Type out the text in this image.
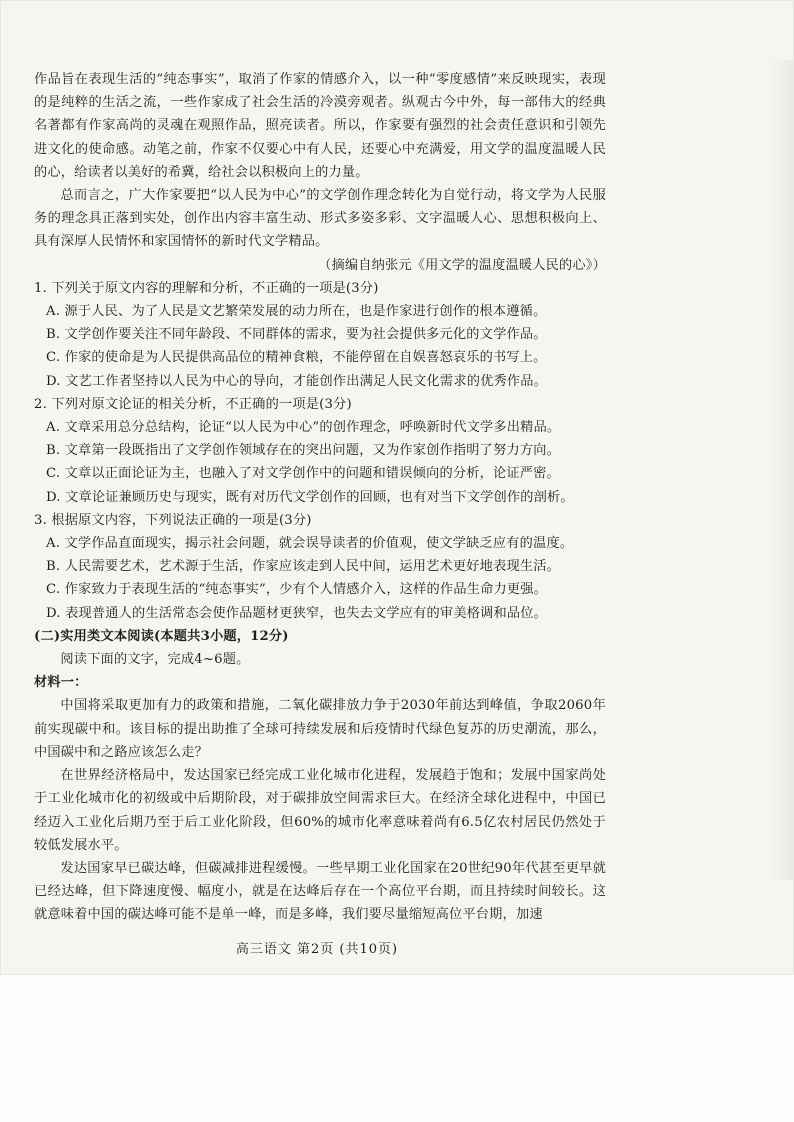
作品旨在表现生活的“纯态事实”，取消了作家的情感介入，以一种“零度感情”来反映现实，表现的是纯粹的生活之流，一些作家成了社会生活的冷漠旁观者。纵观古今中外，每一部伟大的经典名著都有作家高尚的灵魂在观照作品，照亮读者。所以，作家要有强烈的社会责任意识和引领先进文化的使命感。动笔之前，作家不仅要心中有人民，还要心中充满爱，用文学的温度温暖人民的心，给读者以美好的希冀，给社会以积极向上的力量。

总而言之，广大作家要把“以人民为中心”的文学创作理念转化为自觉行动，将文学为人民服务的理念具正落到实处，创作出内容丰富生动、形式多姿多彩、文字温暖人心、思想积极向上、具有深厚人民情怀和家国情怀的新时代文学精品。

（摘编自纳张元《用文学的温度温暖人民的心》）

1. 下列关于原文内容的理解和分析，不正确的一项是(3分)

A. 源于人民、为了人民是文艺繁荣发展的动力所在，也是作家进行创作的根本遵循。

B. 文学创作要关注不同年龄段、不同群体的需求，要为社会提供多元化的文学作品。

C. 作家的使命是为人民提供高品位的精神食粮，不能停留在自娱喜怒哀乐的书写上。

D. 文艺工作者坚持以人民为中心的导向，才能创作出满足人民文化需求的优秀作品。

2. 下列对原文论证的相关分析，不正确的一项是(3分)

A. 文章采用总分总结构，论证“以人民为中心”的创作理念，呼唤新时代文学多出精品。

B. 文章第一段既指出了文学创作领域存在的突出问题，又为作家创作指明了努力方向。

C. 文章以正面论证为主，也融入了对文学创作中的问题和错误倾向的分析，论证严密。

D. 文章论证兼顾历史与现实，既有对历代文学创作的回顾，也有对当下文学创作的剖析。

3. 根据原文内容，下列说法正确的一项是(3分)

A. 文学作品直面现实，揭示社会问题，就会误导读者的价值观，使文学缺乏应有的温度。

B. 人民需要艺术，艺术源于生活，作家应该走到人民中间，运用艺术更好地表现生活。

C. 作家致力于表现生活的“纯态事实”，少有个人情感介入，这样的作品生命力更强。

D. 表现普通人的生活常态会使作品题材更狭窄，也失去文学应有的审美格调和品位。

(二)实用类文本阅读(本题共3小题，12分)

阅读下面的文字，完成4~6题。

材料一：

中国将采取更加有力的政策和措施，二氧化碳排放力争于2030年前达到峰值，争取2060年前实现碳中和。该目标的提出助推了全球可持续发展和后疫情时代绿色复苏的历史潮流，那么，中国碳中和之路应该怎么走？

在世界经济格局中，发达国家已经完成工业化城市化进程，发展趋于饱和；发展中国家尚处于工业化城市化的初级或中后期阶段，对于碳排放空间需求巨大。在经济全球化进程中，中国已经迈入工业化后期乃至于后工业化阶段，但60%的城市化率意味着尚有6.5亿农村居民仍然处于较低发展水平。

发达国家早已碳达峰，但碳减排进程缓慢。一些早期工业化国家在20世纪90年代甚至更早就已经达峰，但下降速度慢、幅度小，就是在达峰后存在一个高位平台期，而且持续时间较长。这就意味着中国的碳达峰可能不是单一峰，而是多峰，我们要尽量缩短高位平台期，加速

高三语文 第2页 (共10页)
